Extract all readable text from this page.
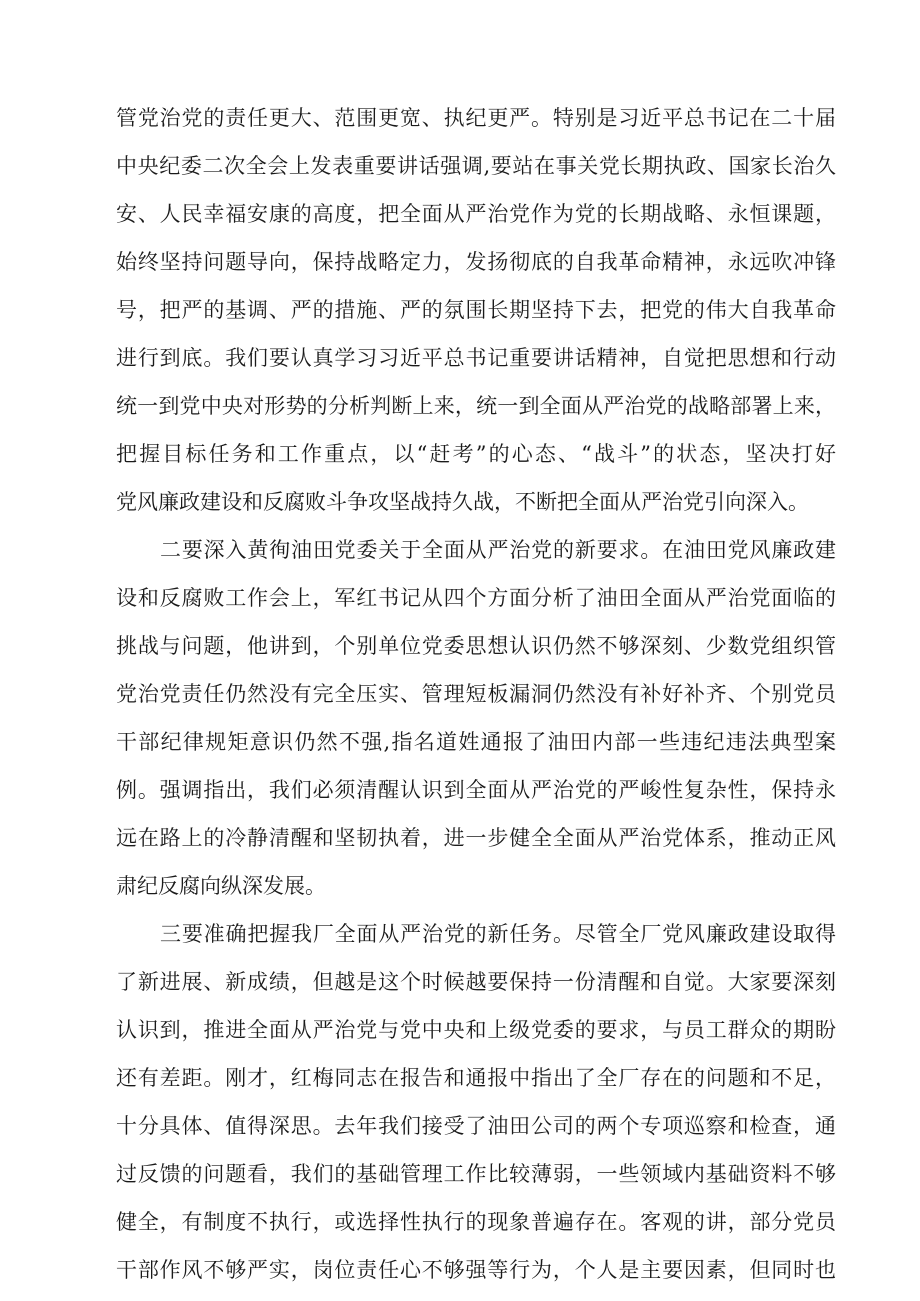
管党治党的责任更大、范围更宽、执纪更严。特别是习近平总书记在二十届
中央纪委二次全会上发表重要讲话强调,要站在事关党长期执政、国家长治久
安、人民幸福安康的高度，把全面从严治党作为党的长期战略、永恒课题，
始终坚持问题导向，保持战略定力，发扬彻底的自我革命精神，永远吹冲锋
号，把严的基调、严的措施、严的氛围长期坚持下去，把党的伟大自我革命
进行到底。我们要认真学习习近平总书记重要讲话精神，自觉把思想和行动
统一到党中央对形势的分析判断上来，统一到全面从严治党的战略部署上来，
把握目标任务和工作重点，以“赶考”的心态、“战斗”的状态，坚决打好
党风廉政建设和反腐败斗争攻坚战持久战，不断把全面从严治党引向深入。
二要深入黄徇油田党委关于全面从严治党的新要求。在油田党风廉政建
设和反腐败工作会上，军红书记从四个方面分析了油田全面从严治党面临的
挑战与问题，他讲到，个别单位党委思想认识仍然不够深刻、少数党组织管
党治党责任仍然没有完全压实、管理短板漏洞仍然没有补好补齐、个别党员
干部纪律规矩意识仍然不强,指名道姓通报了油田内部一些违纪违法典型案
例。强调指出，我们必须清醒认识到全面从严治党的严峻性复杂性，保持永
远在路上的冷静清醒和坚韧执着，进一步健全全面从严治党体系，推动正风
肃纪反腐向纵深发展。
三要准确把握我厂全面从严治党的新任务。尽管全厂党风廉政建设取得
了新进展、新成绩，但越是这个时候越要保持一份清醒和自觉。大家要深刻
认识到，推进全面从严治党与党中央和上级党委的要求，与员工群众的期盼
还有差距。刚才，红梅同志在报告和通报中指出了全厂存在的问题和不足，
十分具体、值得深思。去年我们接受了油田公司的两个专项巡察和检查，通
过反馈的问题看，我们的基础管理工作比较薄弱，一些领域内基础资料不够
健全，有制度不执行，或选择性执行的现象普遍存在。客观的讲，部分党员
干部作风不够严实，岗位责任心不够强等行为，个人是主要因素，但同时也
